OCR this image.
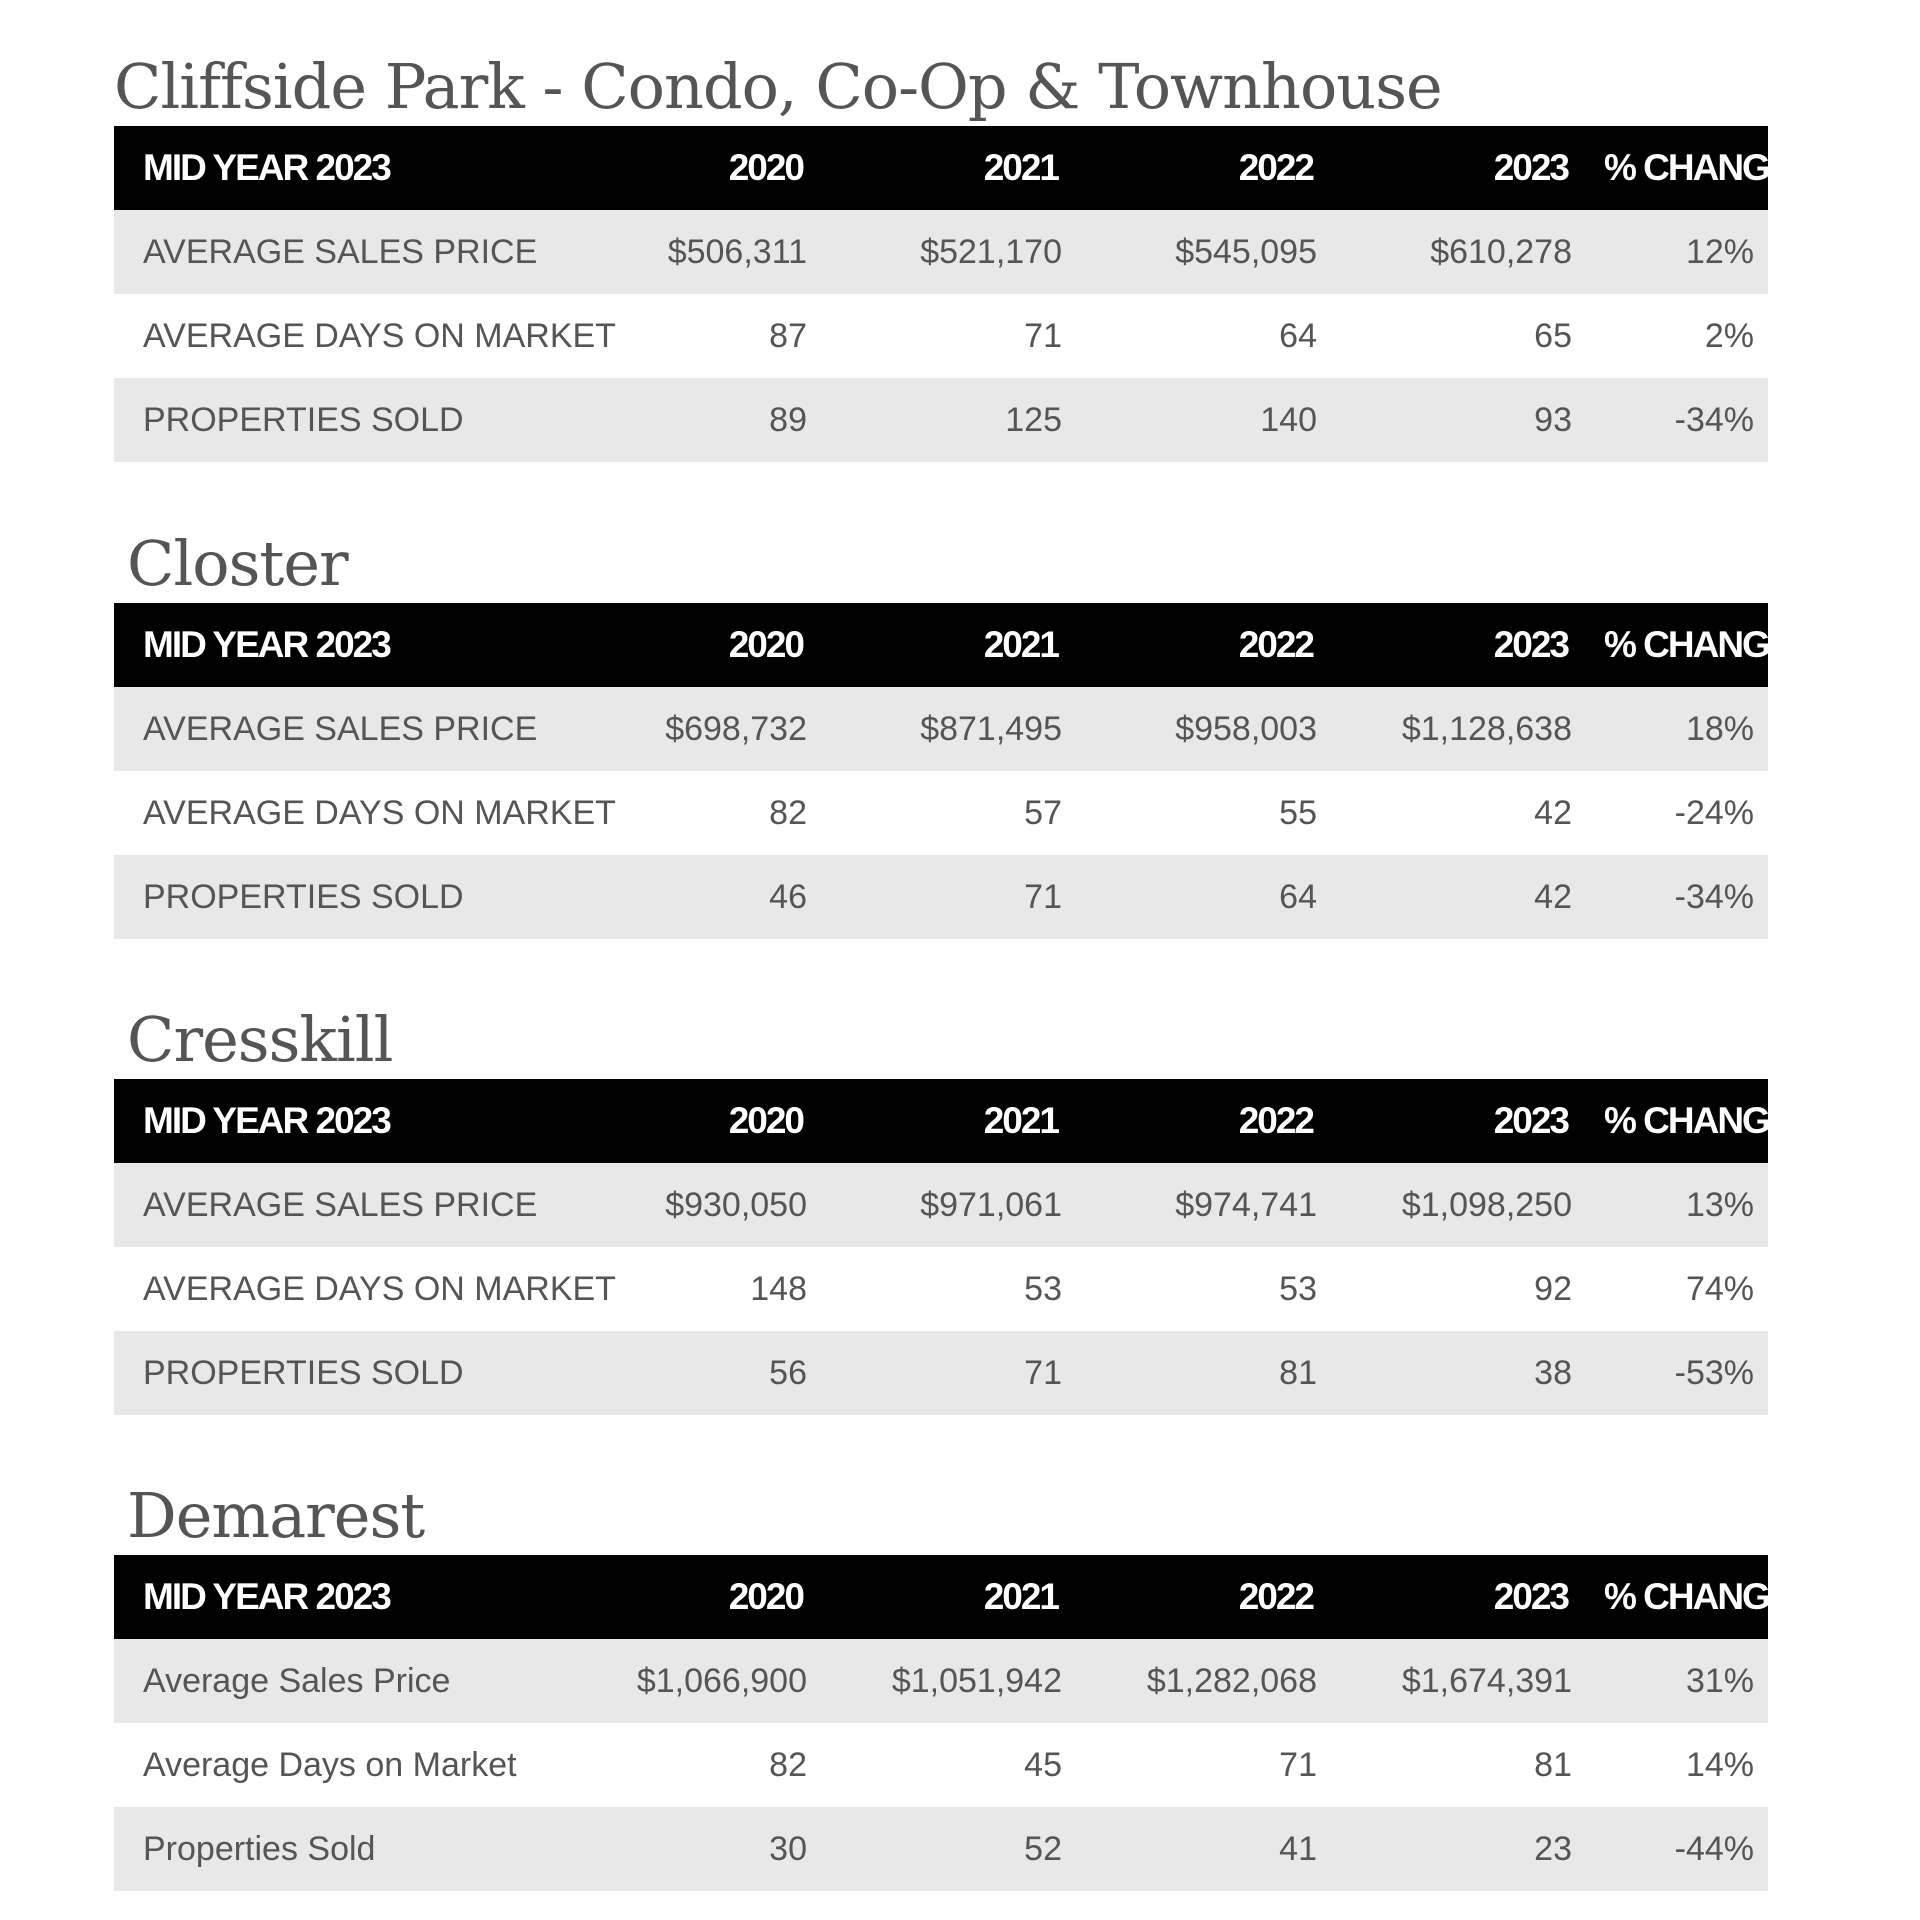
Cliffside Park - Condo, Co-Op & Townhouse
MID YEAR 2023	2020	2021	2022	2023	% CHANGE
AVERAGE SALES PRICE	$506,311	$521,170	$545,095	$610,278	12%
AVERAGE DAYS ON MARKET	87	71	64	65	2%
PROPERTIES SOLD	89	125	140	93	-34%
Closter
MID YEAR 2023	2020	2021	2022	2023	% CHANGE
AVERAGE SALES PRICE	$698,732	$871,495	$958,003	$1,128,638	18%
AVERAGE DAYS ON MARKET	82	57	55	42	-24%
PROPERTIES SOLD	46	71	64	42	-34%
Cresskill
MID YEAR 2023	2020	2021	2022	2023	% CHANGE
AVERAGE SALES PRICE	$930,050	$971,061	$974,741	$1,098,250	13%
AVERAGE DAYS ON MARKET	148	53	53	92	74%
PROPERTIES SOLD	56	71	81	38	-53%
Demarest
MID YEAR 2023	2020	2021	2022	2023	% CHANGE
Average Sales Price	$1,066,900	$1,051,942	$1,282,068	$1,674,391	31%
Average Days on Market	82	45	71	81	14%
Properties Sold	30	52	41	23	-44%
